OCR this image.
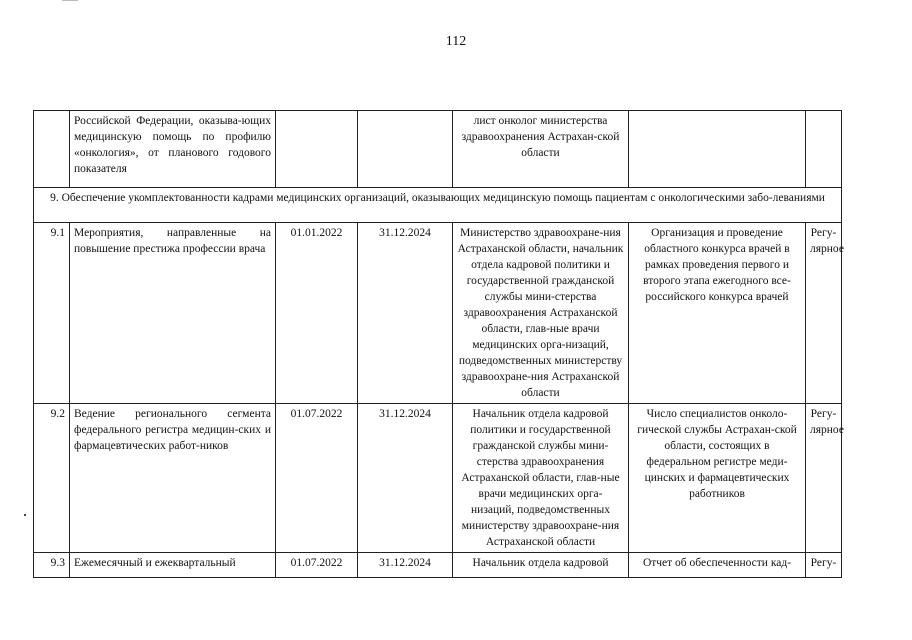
112
	Российской Федерации, оказыва-ющих медицинскую помощь по профилю «онкология», от планового годового показателя			лист онколог министерства здравоохранения Астрахан-ской области		
9. Обеспечение укомплектованности кадрами медицинских организаций, оказывающих медицинскую помощь пациентам с онкологическими забо-леваниями						
9.1	Мероприятия, направленные на повышение престижа профессии врача	01.01.2022	31.12.2024	Министерство здравоохране-ния Астраханской области, начальник отдела кадровой политики и государственной гражданской службы мини-стерства здравоохранения Астраханской области, глав-ные врачи медицинских орга-низаций, подведомственных министерству здравоохране-ния Астраханской области	Организация и проведение областного конкурса врачей в рамках проведения первого и второго этапа ежегодного все-российского конкурса врачей	Регу-лярное
9.2	Ведение регионального сегмента федерального регистра медицин-ских и фармацевтических работ-ников	01.07.2022	31.12.2024	Начальник отдела кадровой политики и государственной гражданской службы мини-стерства здравоохранения Астраханской области, глав-ные врачи медицинских орга-низаций, подведомственных министерству здравоохране-ния Астраханской области	Число специалистов онколо-гической службы Астрахан-ской области, состоящих в федеральном регистре меди-цинских и фармацевтических работников	Регу-лярное
9.3	Ежемесячный и ежеквартальный	01.07.2022	31.12.2024	Начальник отдела кадровой	Отчет об обеспеченности кад-	Регу-
